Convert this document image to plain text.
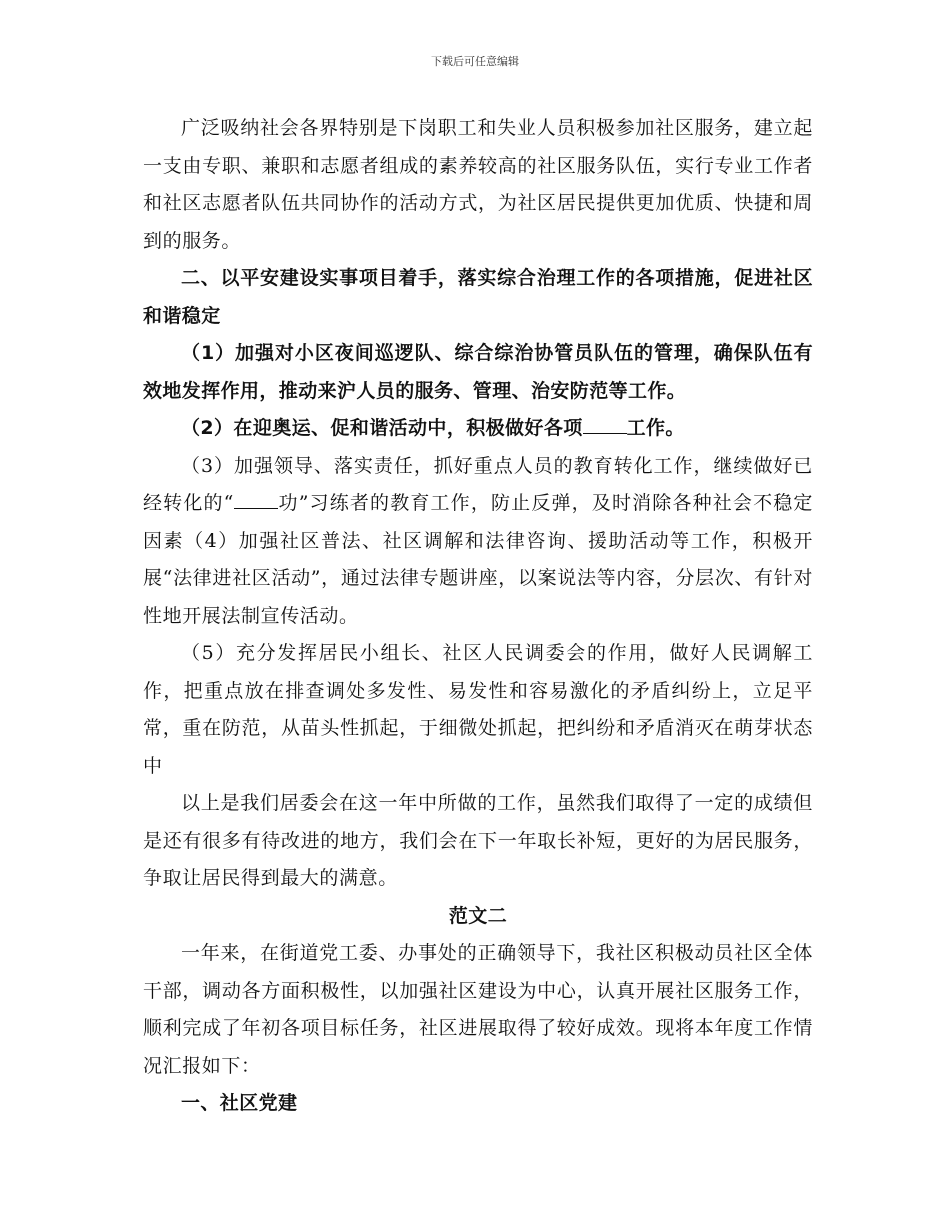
下载后可任意编辑

广泛吸纳社会各界特别是下岗职工和失业人员积极参加社区服务，建立起一支由专职、兼职和志愿者组成的素养较高的社区服务队伍，实行专业工作者和社区志愿者队伍共同协作的活动方式，为社区居民提供更加优质、快捷和周到的服务。

二、以平安建设实事项目着手，落实综合治理工作的各项措施，促进社区和谐稳定

（1）加强对小区夜间巡逻队、综合综治协管员队伍的管理，确保队伍有效地发挥作用，推动来沪人员的服务、管理、治安防范等工作。

（2）在迎奥运、促和谐活动中，积极做好各项 工作。

（3）加强领导、落实责任，抓好重点人员的教育转化工作，继续做好已经转化的“ 功”习练者的教育工作，防止反弹，及时消除各种社会不稳定因素（4）加强社区普法、社区调解和法律咨询、援助活动等工作，积极开展“法律进社区活动”，通过法律专题讲座，以案说法等内容，分层次、有针对性地开展法制宣传活动。

（5）充分发挥居民小组长、社区人民调委会的作用，做好人民调解工作，把重点放在排查调处多发性、易发性和容易激化的矛盾纠纷上，立足平常，重在防范，从苗头性抓起，于细微处抓起，把纠纷和矛盾消灭在萌芽状态中

以上是我们居委会在这一年中所做的工作，虽然我们取得了一定的成绩但是还有很多有待改进的地方，我们会在下一年取长补短，更好的为居民服务，争取让居民得到最大的满意。

范文二

一年来，在街道党工委、办事处的正确领导下，我社区积极动员社区全体干部，调动各方面积极性，以加强社区建设为中心，认真开展社区服务工作，顺利完成了年初各项目标任务，社区进展取得了较好成效。现将本年度工作情况汇报如下：

一、社区党建
